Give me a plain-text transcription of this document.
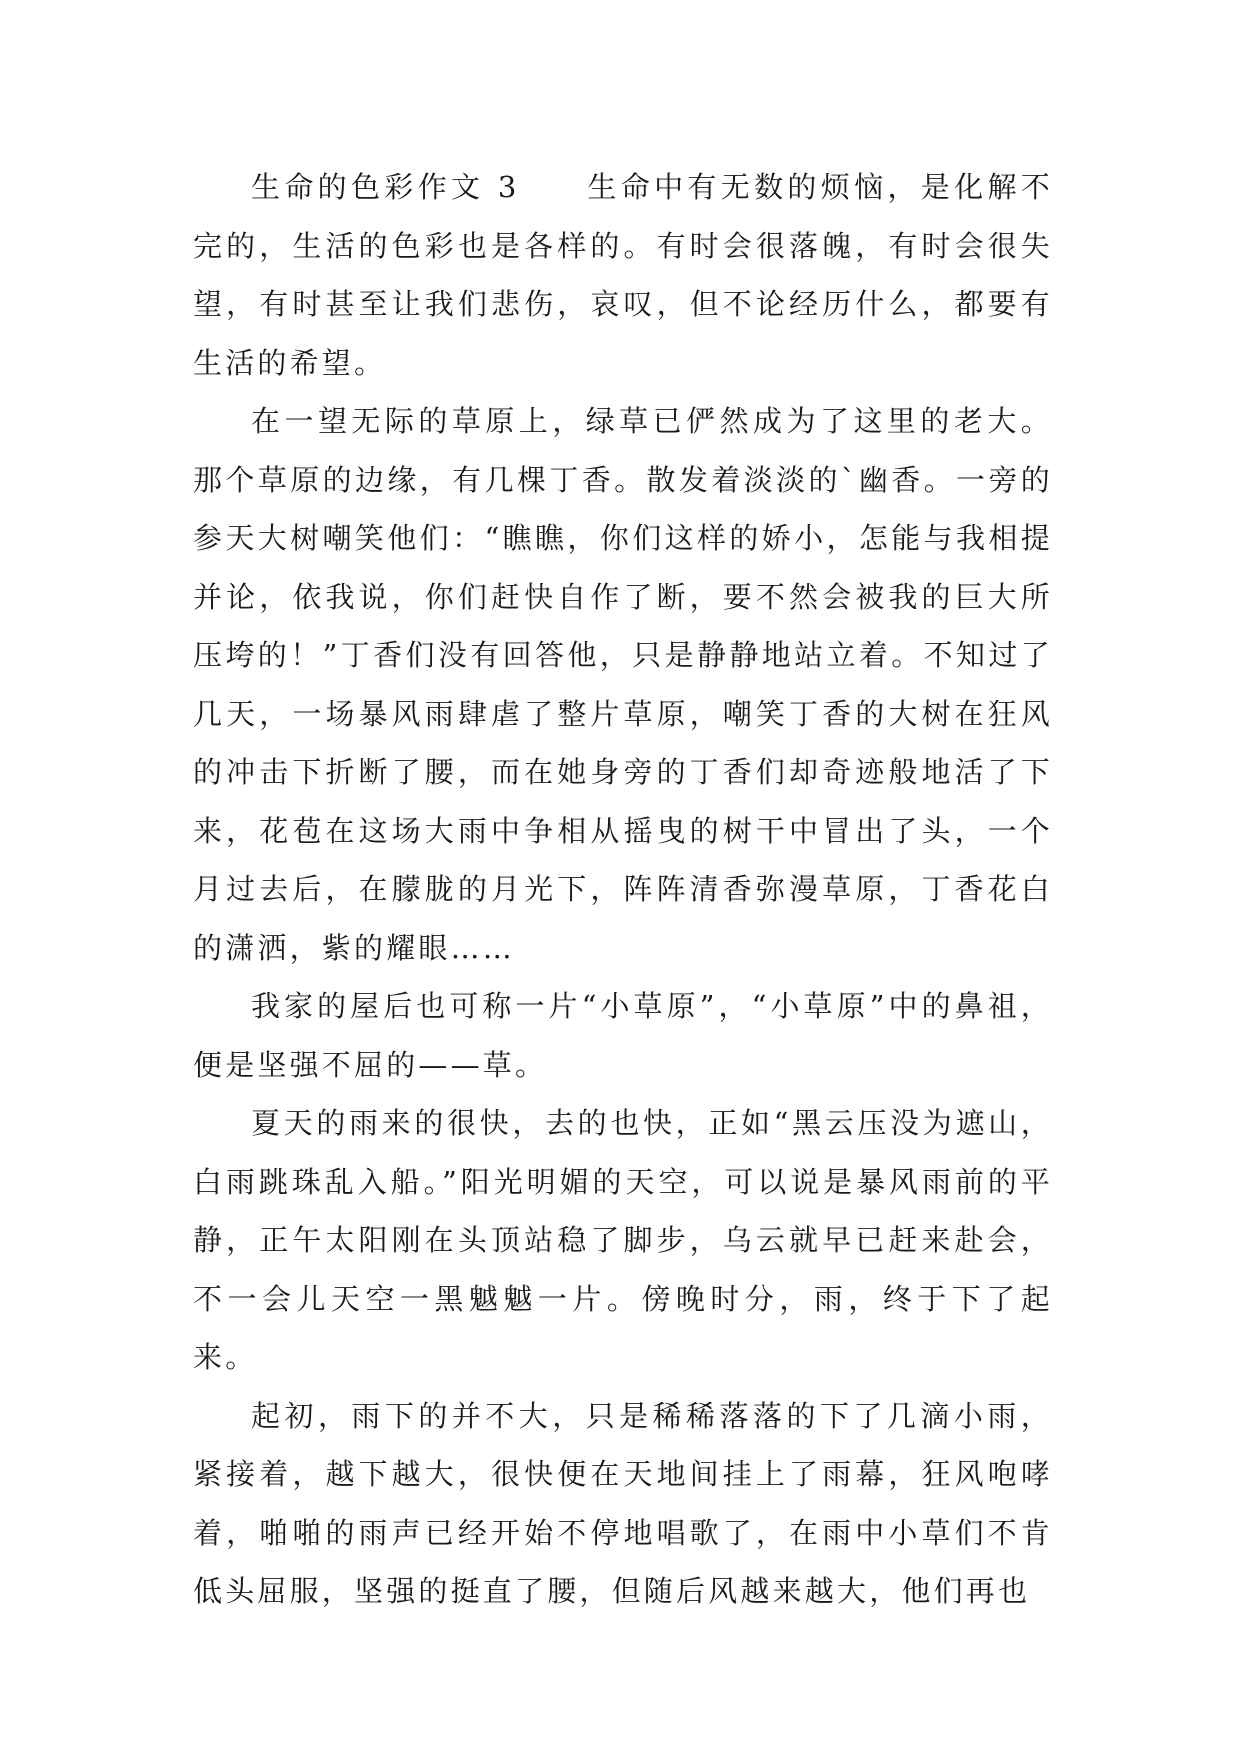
生命的色彩作文 3　　生命中有无数的烦恼，是化解不完的，生活的色彩也是各样的。有时会很落魄，有时会很失望，有时甚至让我们悲伤，哀叹，但不论经历什么，都要有生活的希望。

在一望无际的草原上，绿草已俨然成为了这里的老大。那个草原的边缘，有几棵丁香。散发着淡淡的`幽香。一旁的参天大树嘲笑他们：“瞧瞧，你们这样的娇小，怎能与我相提并论，依我说，你们赶快自作了断，要不然会被我的巨大所压垮的！”丁香们没有回答他，只是静静地站立着。不知过了几天，一场暴风雨肆虐了整片草原，嘲笑丁香的大树在狂风的冲击下折断了腰，而在她身旁的丁香们却奇迹般地活了下来，花苞在这场大雨中争相从摇曳的树干中冒出了头，一个月过去后，在朦胧的月光下，阵阵清香弥漫草原，丁香花白的潇洒，紫的耀眼……

我家的屋后也可称一片“小草原”，“小草原”中的鼻祖，便是坚强不屈的——草。

夏天的雨来的很快，去的也快，正如“黑云压没为遮山，白雨跳珠乱入船。”阳光明媚的天空，可以说是暴风雨前的平静，正午太阳刚在头顶站稳了脚步，乌云就早已赶来赴会，不一会儿天空一黑魆魆一片。傍晚时分，雨，终于下了起来。

起初，雨下的并不大，只是稀稀落落的下了几滴小雨，紧接着，越下越大，很快便在天地间挂上了雨幕，狂风咆哮着，啪啪的雨声已经开始不停地唱歌了，在雨中小草们不肯低头屈服，坚强的挺直了腰，但随后风越来越大，他们再也
